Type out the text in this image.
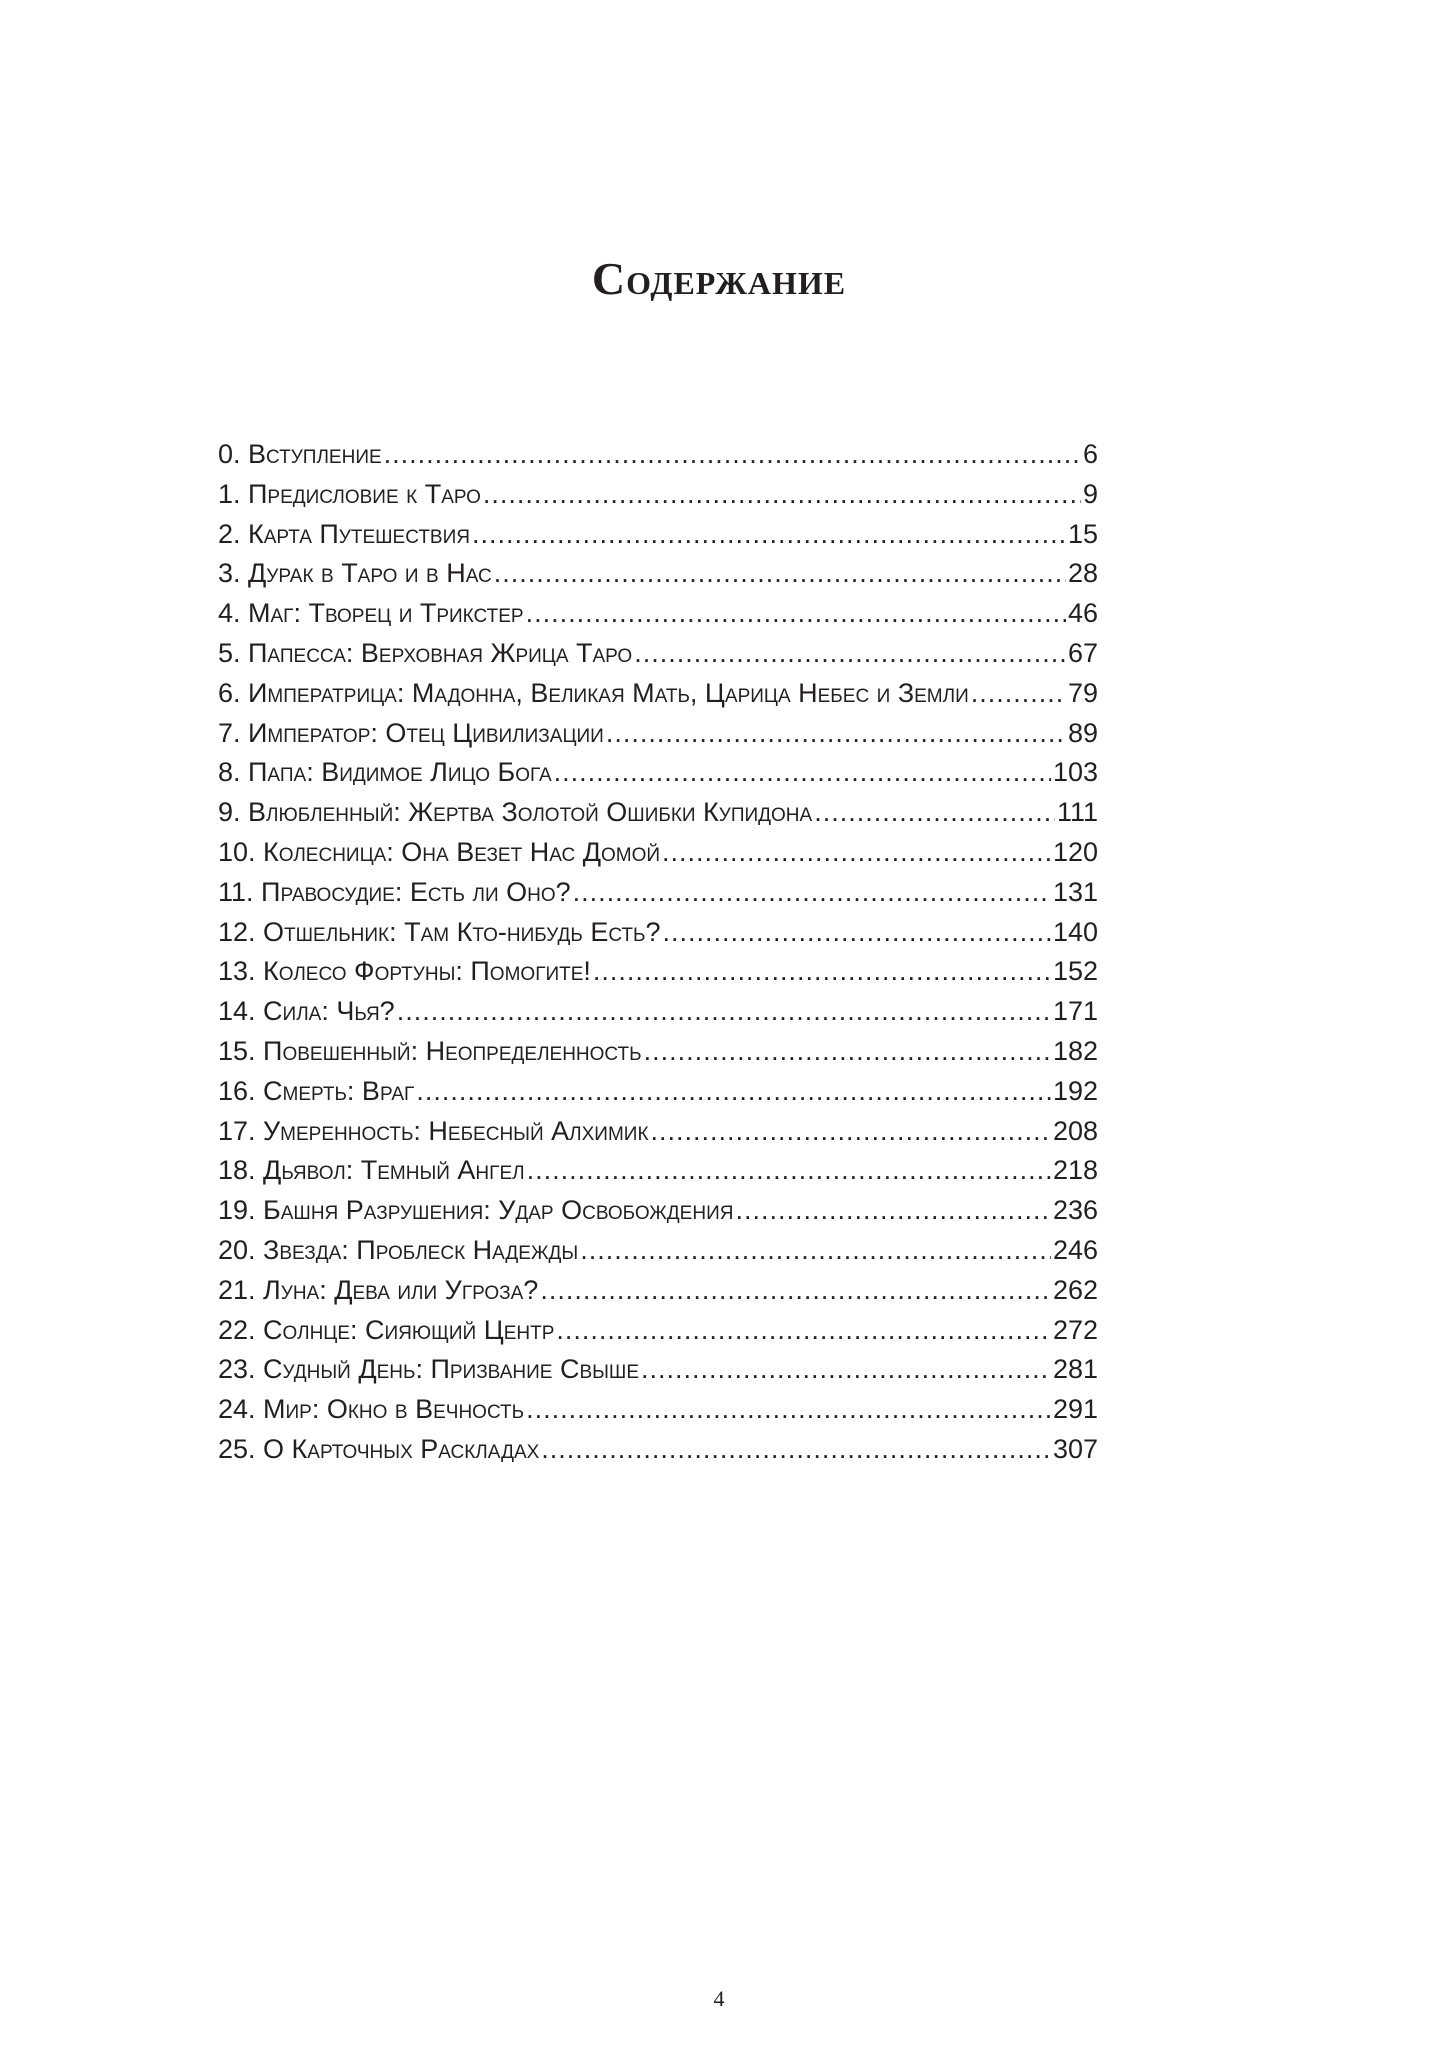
Содержание
0. Вступление .....	6
1. Предисловие к Таро .....	9
2. Карта Путешествия .....	15
3. Дурак в Таро и в Нас .....	28
4. Маг: Творец и Трикстер .....	46
5. Папесса: Верховная Жрица Таро .....	67
6. Императрица: Мадонна, Великая Мать, Царица Небес и Земли .....	79
7. Император: Отец Цивилизации .....	89
8. Папа: Видимое Лицо Бога .....	103
9. Влюбленный: Жертва Золотой Ошибки Купидона .....	111
10. Колесница: Она Везет Нас Домой .....	120
11. Правосудие: Есть ли Оно? .....	131
12. Отшельник: Там Кто-нибудь Есть? .....	140
13. Колесо Фортуны: Помогите! .....	152
14. Сила: Чья? .....	171
15. Повешенный: Неопределенность .....	182
16. Смерть: Враг .....	192
17. Умеренность: Небесный Алхимик .....	208
18. Дьявол: Темный Ангел .....	218
19. Башня Разрушения: Удар Освобождения .....	236
20. Звезда: Проблеск Надежды .....	246
21. Луна: Дева или Угроза? .....	262
22. Солнце: Сияющий Центр .....	272
23. Судный День: Призвание Свыше .....	281
24. Мир: Окно в Вечность .....	291
25. О Карточных Раскладах .....	307
4
